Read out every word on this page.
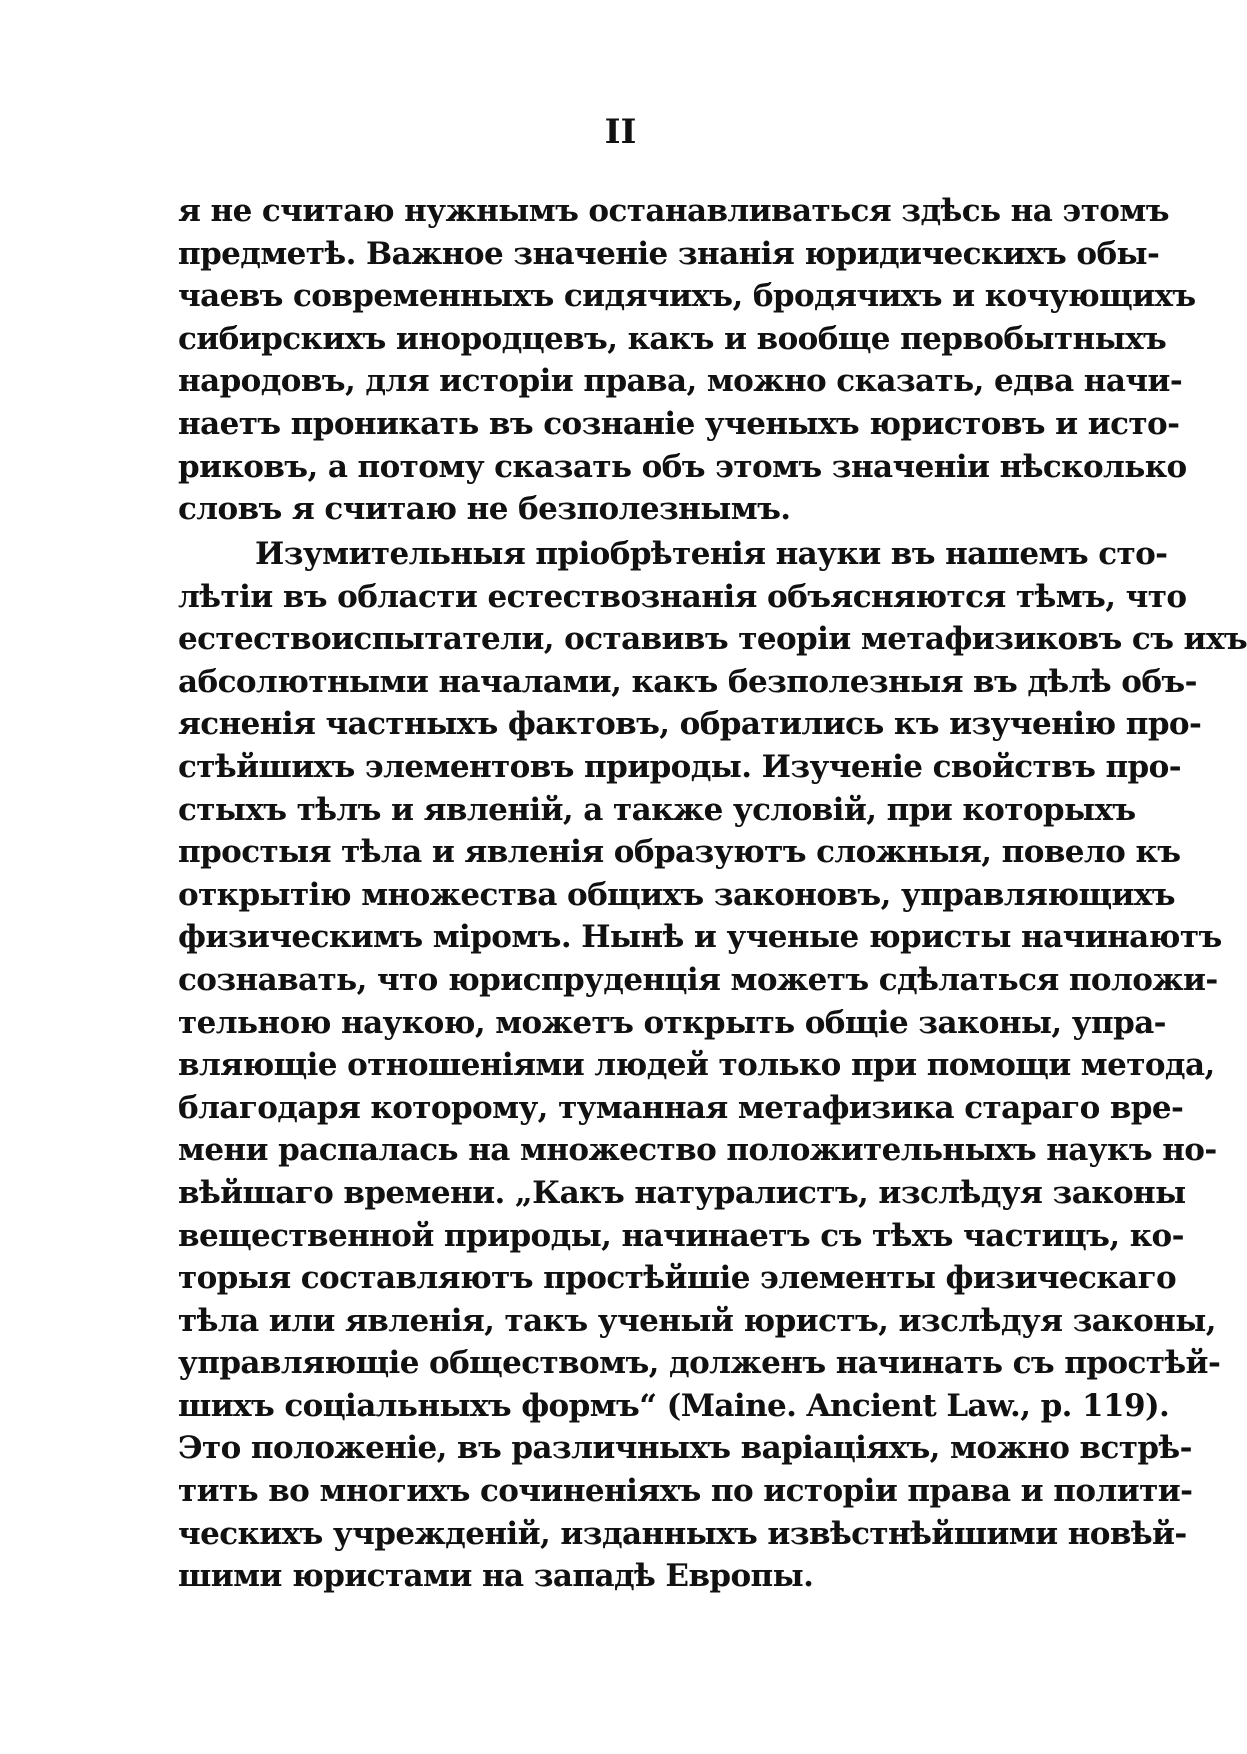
II
я не считаю нужнымъ останавливаться здѣсь на этомъ
предметѣ. Важное значеніе знанія юридическихъ обы-
чаевъ современныхъ сидячихъ, бродячихъ и кочующихъ
сибирскихъ инородцевъ, какъ и вообще первобытныхъ
народовъ, для исторіи права, можно сказать, едва начи-
наетъ проникать въ сознаніе ученыхъ юристовъ и исто-
риковъ, а потому сказать объ этомъ значеніи нѣсколько
словъ я считаю не безполезнымъ.
Изумительныя пріобрѣтенія науки въ нашемъ сто-
лѣтіи въ области естествознанія объясняются тѣмъ, что
естествоиспытатели, оставивъ теоріи метафизиковъ съ ихъ
абсолютными началами, какъ безполезныя въ дѣлѣ объ-
ясненія частныхъ фактовъ, обратились къ изученію про-
стѣйшихъ элементовъ природы. Изученіе свойствъ про-
стыхъ тѣлъ и явленій, а также условій, при которыхъ
простыя тѣла и явленія образуютъ сложныя, повело къ
открытію множества общихъ законовъ, управляющихъ
физическимъ міромъ. Нынѣ и ученые юристы начинаютъ
сознавать, что юриспруденція можетъ сдѣлаться положи-
тельною наукою, можетъ открыть общіе законы, упра-
вляющіе отношеніями людей только при помощи метода,
благодаря которому, туманная метафизика стараго вре-
мени распалась на множество положительныхъ наукъ но-
вѣйшаго времени. „Какъ натуралистъ, изслѣдуя законы
вещественной природы, начинаетъ съ тѣхъ частицъ, ко-
торыя составляютъ простѣйшіе элементы физическаго
тѣла или явленія, такъ ученый юристъ, изслѣдуя законы,
управляющіе обществомъ, долженъ начинать съ простѣй-
шихъ соціальныхъ формъ“ (Maine. Ancient Law., p. 119).
Это положеніе, въ различныхъ варіаціяхъ, можно встрѣ-
тить во многихъ сочиненіяхъ по исторіи права и полити-
ческихъ учрежденій, изданныхъ извѣстнѣйшими новѣй-
шими юристами на западѣ Европы.
